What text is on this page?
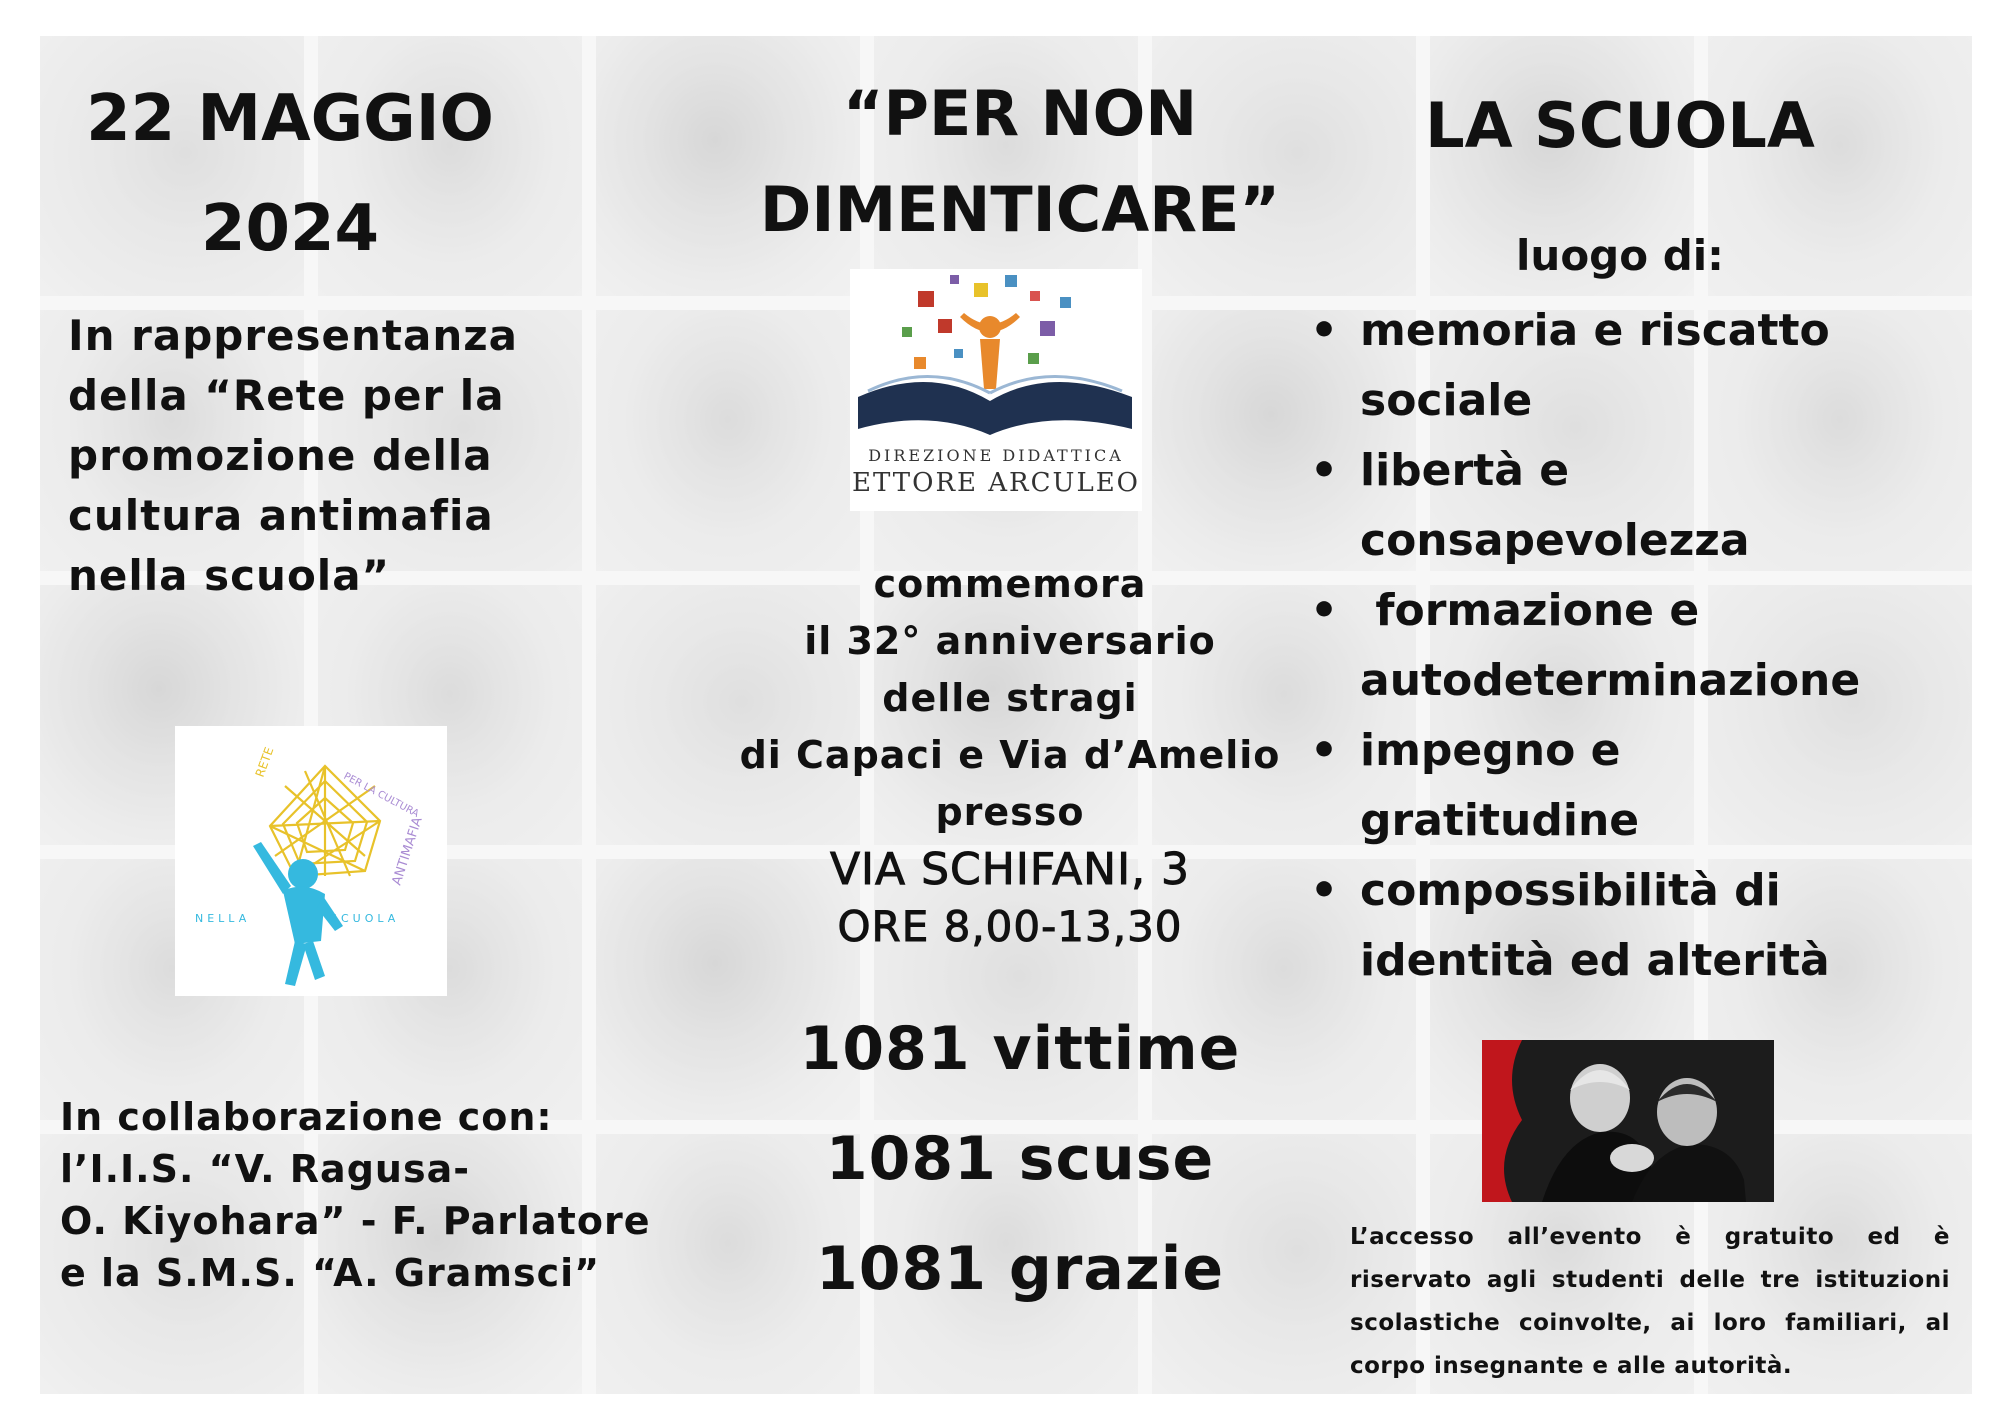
22 MAGGIO
2024
In rappresentanza
della “Rete per la
promozione della
cultura antimafia
nella scuola”
PER LA CULTURA
RETE
ANTIMAFIA
NELLA	SCUOLA
In collaborazione con:
l’I.I.S. “V. Ragusa-
O. Kiyohara” - F. Parlatore
e la S.M.S. “A. Gramsci”
“PER NON
DIMENTICARE”
DIREZIONE DIDATTICA
ETTORE ARCULEO
commemora
il 32° anniversario
delle stragi
di Capaci e Via d’Amelio
presso
VIA SCHIFANI, 3
ORE 8,00-13,30
1081 vittime
1081 scuse
1081 grazie
LA SCUOLA
luogo di:
• memoria e riscatto
sociale
• libertà e
consapevolezza
•  formazione e
autodeterminazione
• impegno e
gratitudine
• compossibilità di
identità ed alterità
L’accesso all’evento è gratuito ed è riservato agli studenti delle tre istituzioni scolastiche coinvolte, ai loro familiari, al corpo insegnante e alle autorità.
